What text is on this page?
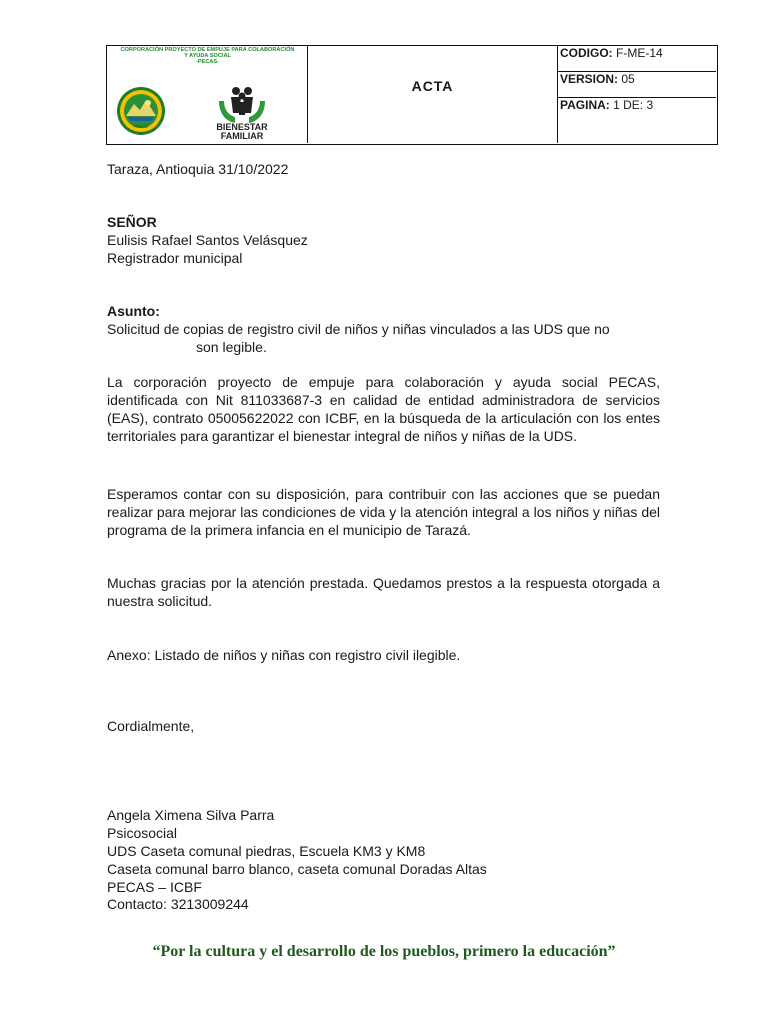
CORPORACIÓN PROYECTO DE EMPUJE PARA COLABORACIÓN
Y AYUDA SOCIAL
-PECAS-
PECAS	BIENESTAR
FAMILIAR
ACTA
CODIGO: F-ME-14
VERSION: 05
PAGINA: 1 DE: 3
Taraza, Antioquia 31/10/2022
SEÑOR
Eulisis Rafael Santos Velásquez
Registrador municipal
Asunto:
Solicitud de copias de registro civil de niños y niñas vinculados a las UDS que no
son legible.
La corporación proyecto de empuje para colaboración y ayuda social PECAS, identificada con Nit 811033687-3 en calidad de entidad administradora de servicios (EAS), contrato 05005622022 con ICBF, en la búsqueda de la articulación con los entes territoriales para garantizar el bienestar integral de niños y niñas de la UDS.
Esperamos contar con su disposición, para contribuir con las acciones que se puedan realizar para mejorar las condiciones de vida y la atención integral a los niños y niñas del programa de la primera infancia en el municipio de Tarazá.
Muchas gracias por la atención prestada. Quedamos prestos a la respuesta otorgada a nuestra solicitud.
Anexo: Listado de niños y niñas con registro civil ilegible.
Cordialmente,
Angela Ximena Silva Parra
Psicosocial
UDS Caseta comunal piedras, Escuela KM3 y KM8
Caseta comunal barro blanco, caseta comunal Doradas Altas
PECAS – ICBF
Contacto: 3213009244
“Por la cultura y el desarrollo de los pueblos, primero la educación”
